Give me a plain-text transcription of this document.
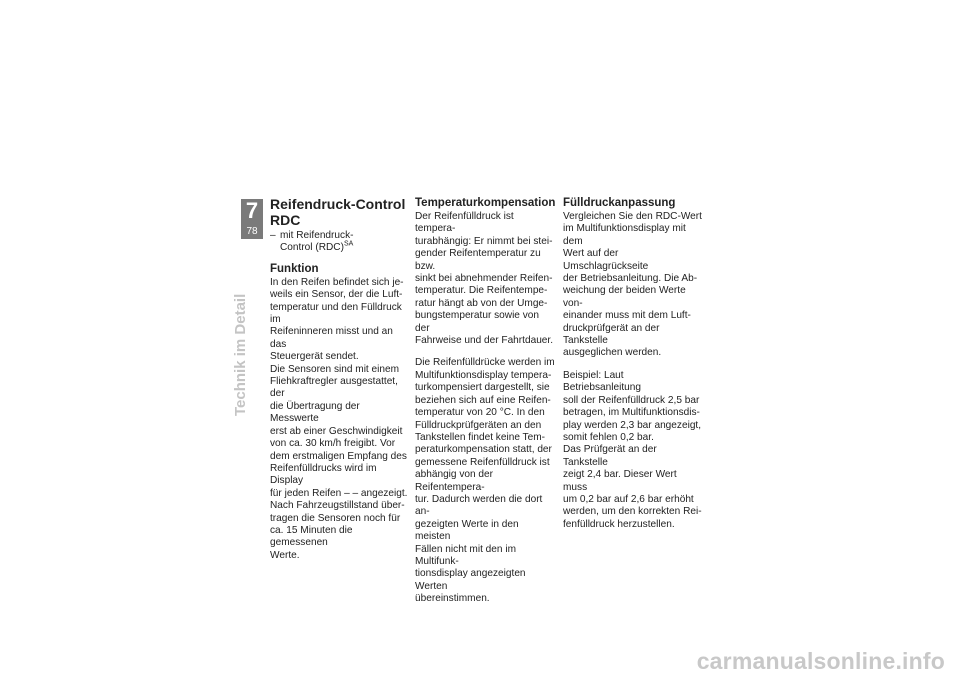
7
78
Technik im Detail
Reifendruck-Control
RDC
– mit Reifendruck-
Control (RDC)$^{SA}$
Funktion

In den Reifen befindet sich je-
weils ein Sensor, der die Luft-
temperatur und den Fülldruck im
Reifeninneren misst und an das
Steuergerät sendet.

Die Sensoren sind mit einem
Fliehkraftregler ausgestattet, der
die Übertragung der Messwerte
erst ab einer Geschwindigkeit
von ca. 30 km/h freigibt. Vor
dem erstmaligen Empfang des
Reifenfülldrucks wird im Display
für jeden Reifen – – angezeigt.

Nach Fahrzeugstillstand über-
tragen die Sensoren noch für
ca. 15 Minuten die gemessenen
Werte.

Temperaturkompensation

Der Reifenfülldruck ist tempera-
turabhängig: Er nimmt bei stei-
gender Reifentemperatur zu bzw.
sinkt bei abnehmender Reifen-
temperatur. Die Reifentempe-
ratur hängt ab von der Umge-
bungstemperatur sowie von der
Fahrweise und der Fahrtdauer.

Die Reifenfülldrücke werden im
Multifunktionsdisplay tempera-
turkompensiert dargestellt, sie
beziehen sich auf eine Reifen-
temperatur von 20 °C. In den
Fülldruckprüfgeräten an den
Tankstellen findet keine Tem-
peraturkompensation statt, der
gemessene Reifenfülldruck ist
abhängig von der Reifentempera-
tur. Dadurch werden die dort an-
gezeigten Werte in den meisten
Fällen nicht mit den im Multifunk-
tionsdisplay angezeigten Werten
übereinstimmen.

Fülldruckanpassung

Vergleichen Sie den RDC-Wert
im Multifunktionsdisplay mit dem
Wert auf der Umschlagrückseite
der Betriebsanleitung. Die Ab-
weichung der beiden Werte von-
einander muss mit dem Luft-
druckprüfgerät an der Tankstelle
ausgeglichen werden.

Beispiel: Laut Betriebsanleitung
soll der Reifenfülldruck 2,5 bar
betragen, im Multifunktionsdis-
play werden 2,3 bar angezeigt,
somit fehlen 0,2 bar.

Das Prüfgerät an der Tankstelle
zeigt 2,4 bar. Dieser Wert muss
um 0,2 bar auf 2,6 bar erhöht
werden, um den korrekten Rei-
fenfülldruck herzustellen.

carmanualsonline.info
